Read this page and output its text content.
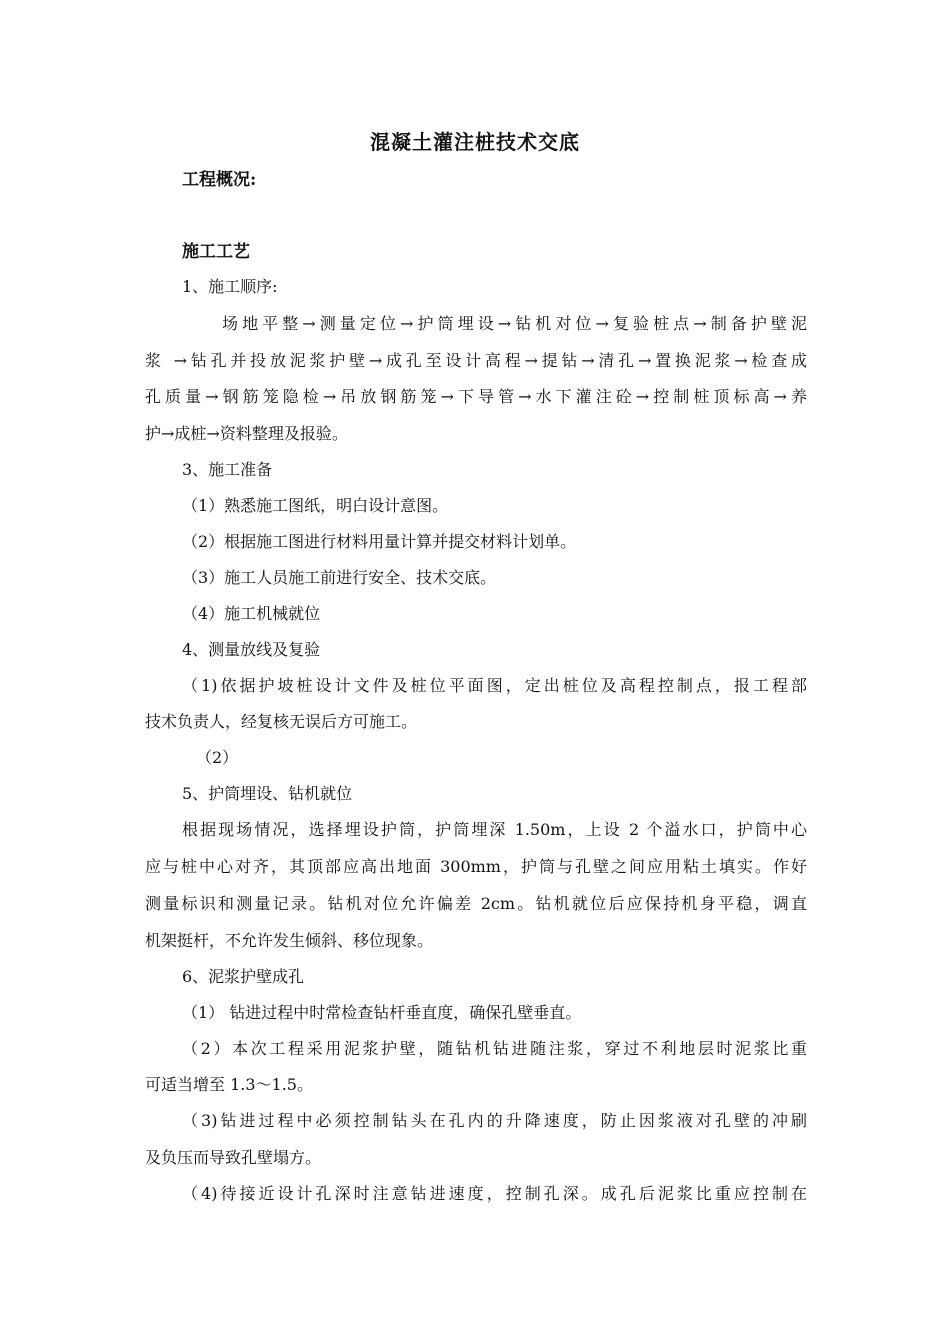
混凝土灌注桩技术交底
工程概况:
施工工艺
1、施工顺序:
场地平整→测量定位→护筒埋设→钻机对位→复验桩点→制备护壁泥
浆 →钻孔并投放泥浆护壁→成孔至设计高程→提钻→清孔→置换泥浆→检查成
孔质量→钢筋笼隐检→吊放钢筋笼→下导管→水下灌注砼→控制桩顶标高→养
护→成桩→资料整理及报验。
3、施工准备
（1）熟悉施工图纸，明白设计意图。
（2）根据施工图进行材料用量计算并提交材料计划单。
（3）施工人员施工前进行安全、技术交底。
（4）施工机械就位
4、测量放线及复验
（1)依据护坡桩设计文件及桩位平面图，定出桩位及高程控制点，报工程部
技术负责人，经复核无误后方可施工。
（2）
5、护筒埋设、钻机就位
根据现场情况，选择埋设护筒，护筒埋深 1.50m，上设 2 个溢水口，护筒中心
应与桩中心对齐，其顶部应高出地面 300mm，护筒与孔壁之间应用粘土填实。作好
测量标识和测量记录。钻机对位允许偏差 2cm。钻机就位后应保持机身平稳，调直
机架挺杆，不允许发生倾斜、移位现象。
6、泥浆护壁成孔
（1） 钻进过程中时常检查钻杆垂直度，确保孔壁垂直。
（2）本次工程采用泥浆护壁，随钻机钻进随注浆，穿过不利地层时泥浆比重
可适当增至 1.3～1.5。
（3)钻进过程中必须控制钻头在孔内的升降速度，防止因浆液对孔壁的冲刷
及负压而导致孔壁塌方。
（4)待接近设计孔深时注意钻进速度，控制孔深。成孔后泥浆比重应控制在
